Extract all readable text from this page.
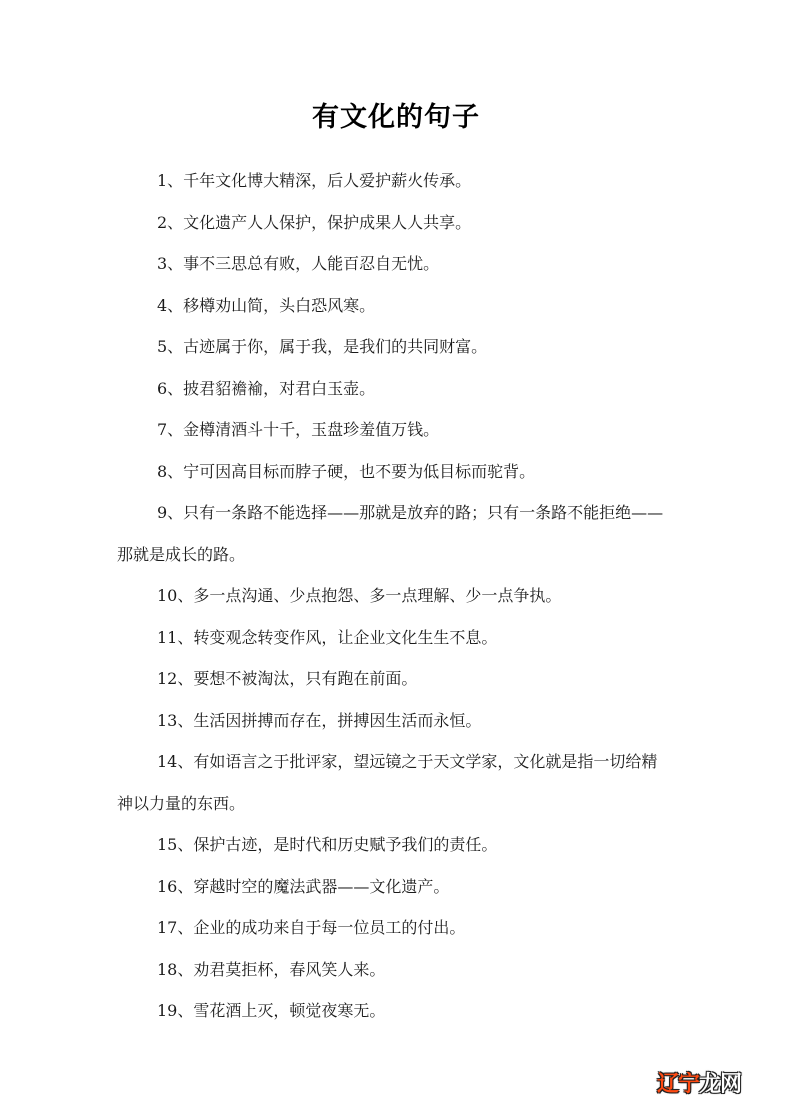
有文化的句子

1、千年文化博大精深，后人爱护薪火传承。

2、文化遗产人人保护，保护成果人人共享。

3、事不三思总有败，人能百忍自无忧。

4、移樽劝山简，头白恐风寒。

5、古迹属于你，属于我，是我们的共同财富。

6、披君貂襜褕，对君白玉壶。

7、金樽清酒斗十千，玉盘珍羞值万钱。

8、宁可因高目标而脖子硬，也不要为低目标而驼背。

9、只有一条路不能选择——那就是放弃的路；只有一条路不能拒绝——那就是成长的路。

10、多一点沟通、少点抱怨、多一点理解、少一点争执。

11、转变观念转变作风，让企业文化生生不息。

12、要想不被淘汰，只有跑在前面。

13、生活因拼搏而存在，拼搏因生活而永恒。

14、有如语言之于批评家，望远镜之于天文学家，文化就是指一切给精神以力量的东西。

15、保护古迹，是时代和历史赋予我们的责任。

16、穿越时空的魔法武器——文化遗产。

17、企业的成功来自于每一位员工的付出。

18、劝君莫拒杯，春风笑人来。

19、雪花酒上灭，顿觉夜寒无。

辽宁龙网
